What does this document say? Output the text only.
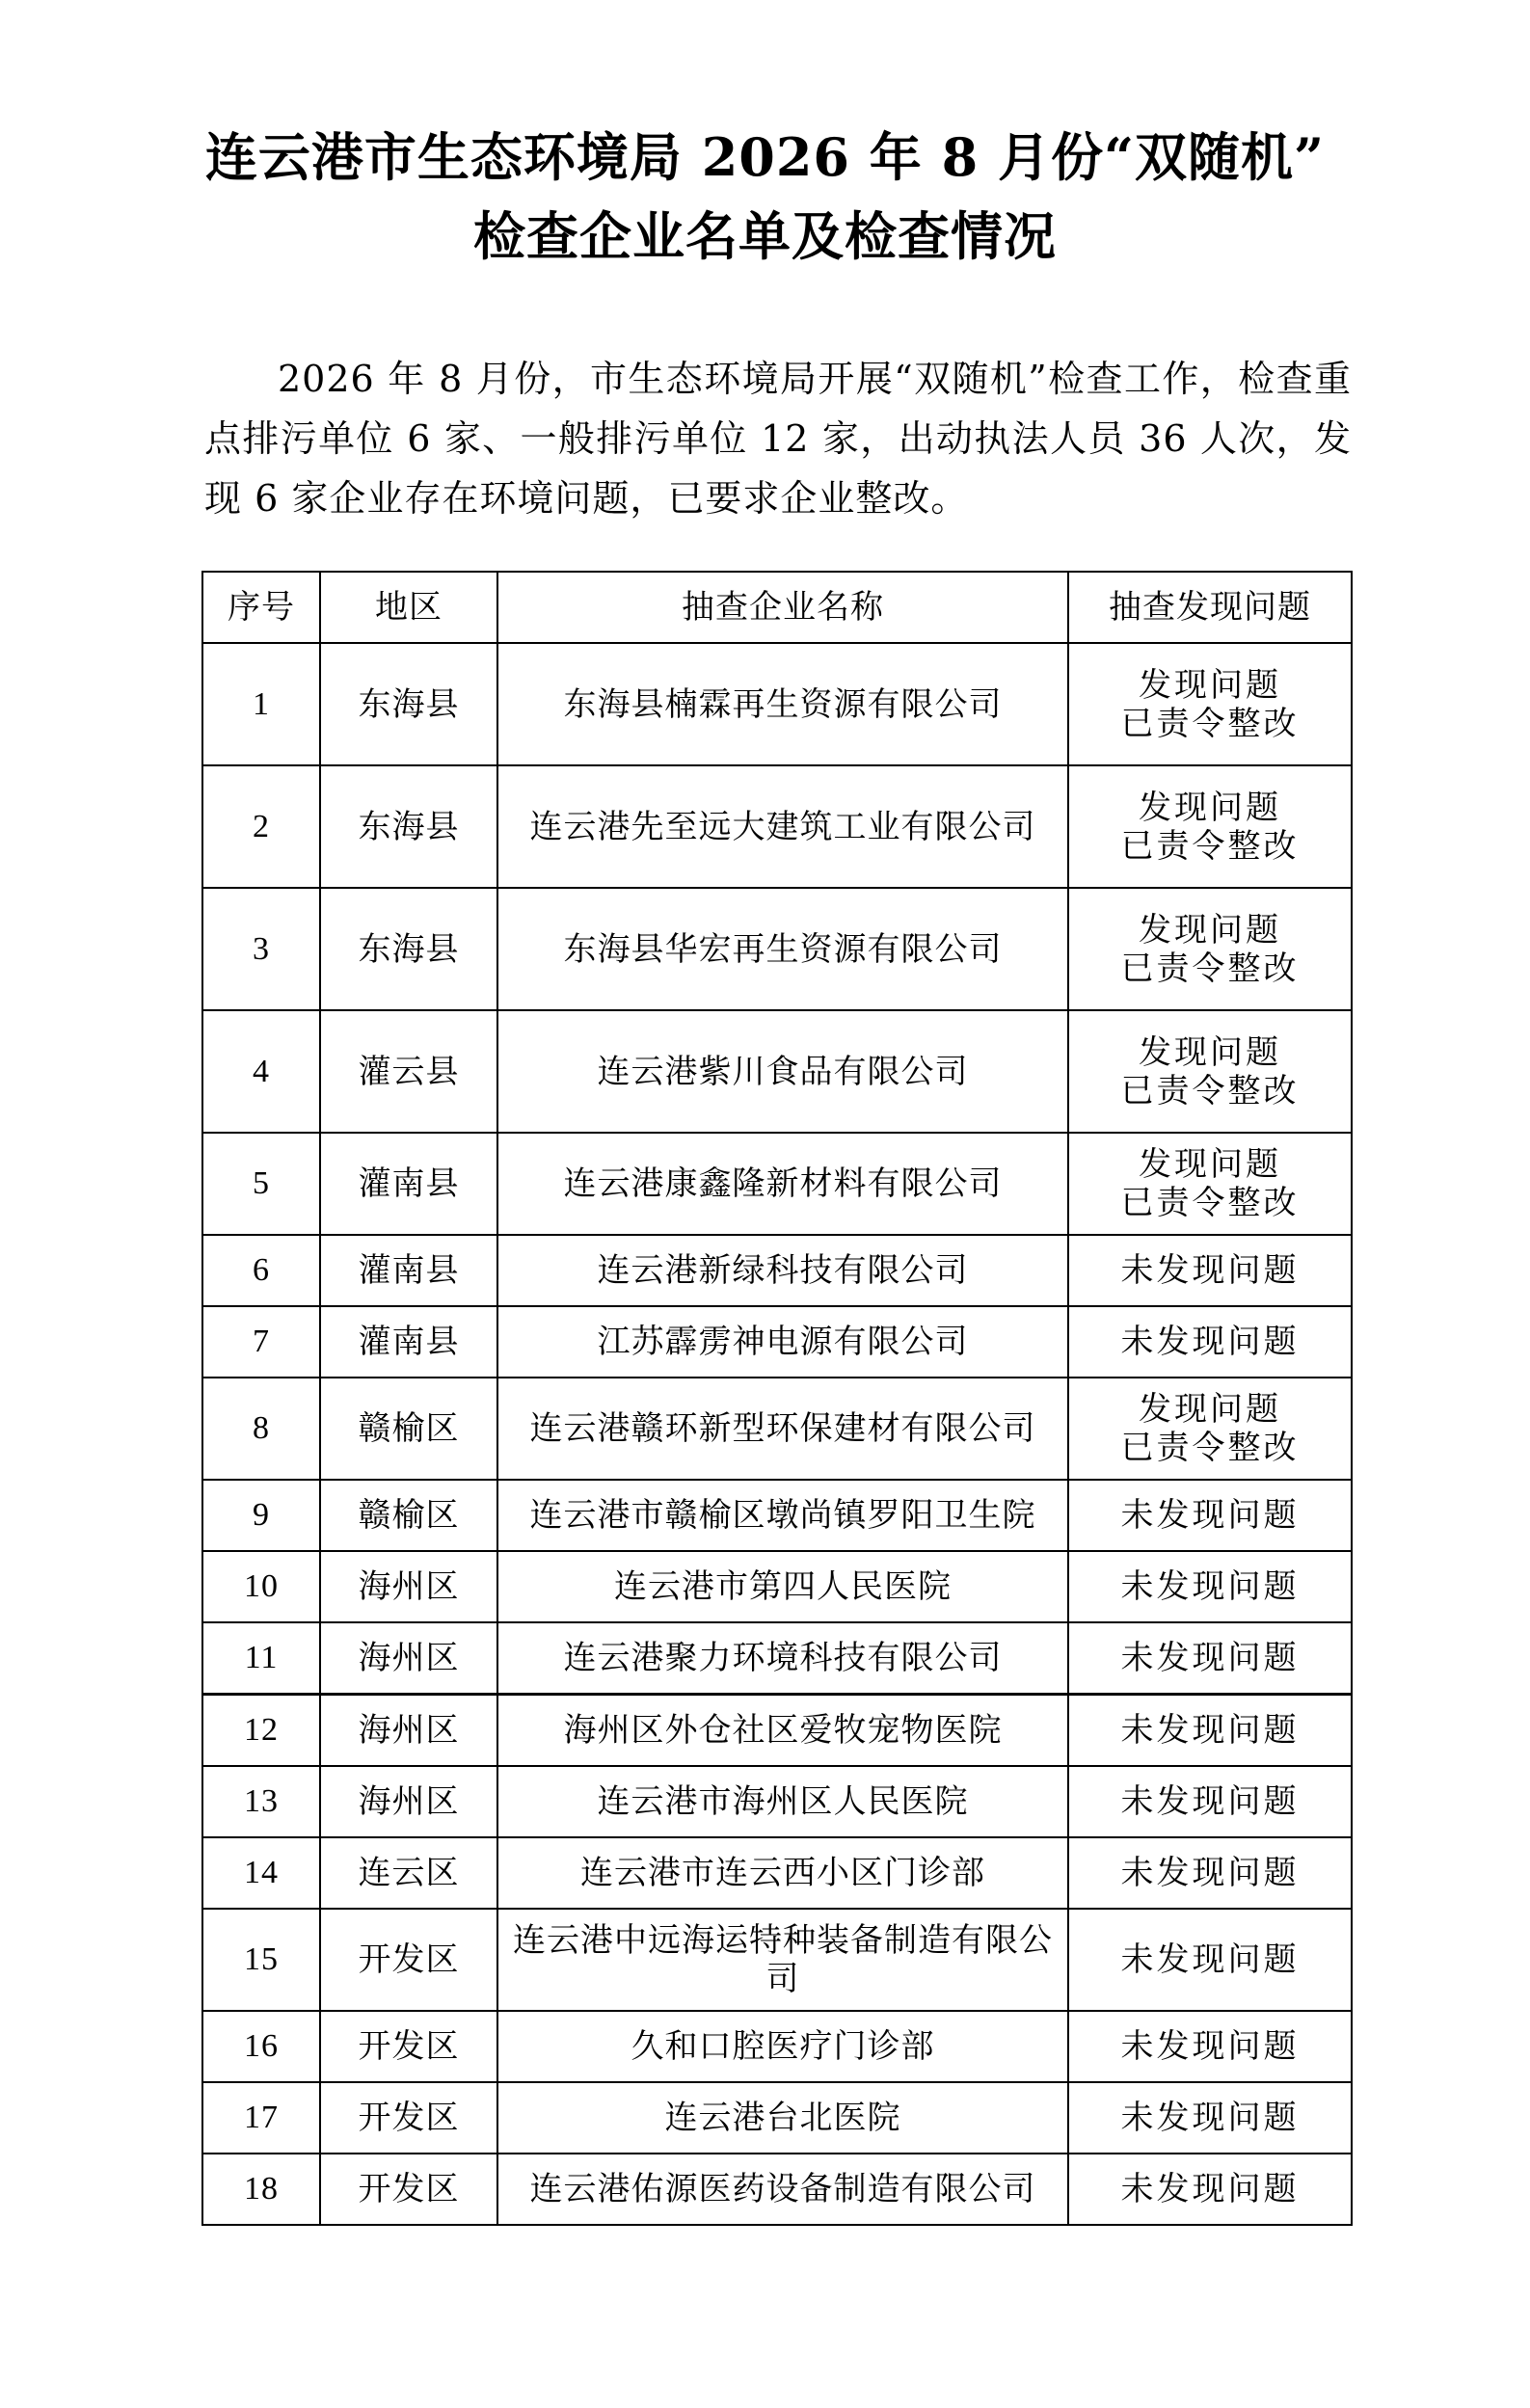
连云港市生态环境局 2026 年 8 月份“双随机”
检查企业名单及检查情况

2026 年 8 月份，市生态环境局开展“双随机”检查工作，检查重点排污单位 6 家、一般排污单位 12 家，出动执法人员 36 人次，发现 6 家企业存在环境问题，已要求企业整改。

序号	地区	抽查企业名称	抽查发现问题
1	东海县	东海县楠霖再生资源有限公司	发现问题
已责令整改

2	东海县	连云港先至远大建筑工业有限公司	发现问题
已责令整改

3	东海县	东海县华宏再生资源有限公司	发现问题
已责令整改

4	灌云县	连云港紫川食品有限公司	发现问题
已责令整改

5	灌南县	连云港康鑫隆新材料有限公司	发现问题
已责令整改

6	灌南县	连云港新绿科技有限公司	未发现问题

7	灌南县	江苏霹雳神电源有限公司	未发现问题

8	赣榆区	连云港赣环新型环保建材有限公司	发现问题
已责令整改

9	赣榆区	连云港市赣榆区墩尚镇罗阳卫生院	未发现问题

10	海州区	连云港市第四人民医院	未发现问题

11	海州区	连云港聚力环境科技有限公司	未发现问题

12	海州区	海州区外仓社区爱牧宠物医院	未发现问题

13	海州区	连云港市海州区人民医院	未发现问题

14	连云区	连云港市连云西小区门诊部	未发现问题

15	开发区	连云港中远海运特种装备制造有限公司	未发现问题

16	开发区	久和口腔医疗门诊部	未发现问题

17	开发区	连云港台北医院	未发现问题

18	开发区	连云港佑源医药设备制造有限公司	未发现问题
